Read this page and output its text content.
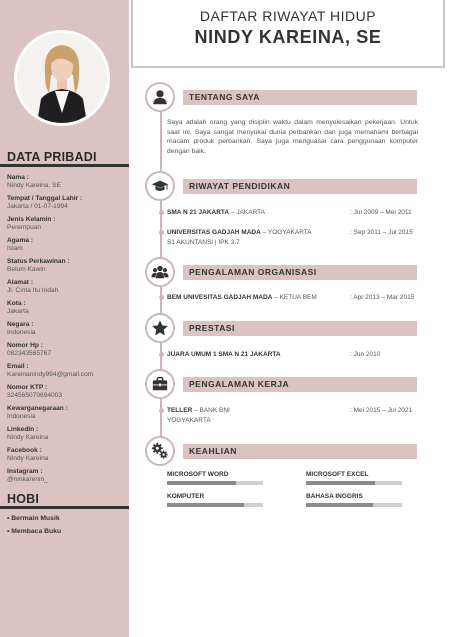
DATA PRIBADI
Nama :
Nindy Kareina, SE
Tempat / Tanggal Lahir :
Jakarta / 01-07-1994
Jenis Kelamin :
Perempuan
Agama :
Islam
Status Perkawinan :
Belum Kawin
Alamat :
Jl. Cinta Itu Indah
Kota :
Jakarta
Negara :
Indonesia
Nomor Hp :
082343565767
Email :
Kareinanindy994@gmail.com
Nomor KTP :
324565070694003
Kewarganegaraan :
Indonesia
LinkedIn :
Nindy Kareina
Facebook :
Nindy Kareina
Instagram :
@ninkarenin_
HOBI
• Bermain Musik
• Membaca Buku
DAFTAR RIWAYAT HIDUP
NINDY KAREINA, SE
TENTANG SAYA
Saya adalah orang yang disiplin waktu dalam menyelesaikan pekerjaan. Untuk saat ini, Saya sangat menyukai dunia perbankan dan juga memahami berbagai macam produk perbankan. Saya juga menguasai cara penggunaan komputer dengan baik.
RIWAYAT PENDIDIKAN
SMA N 21 JAKARTA – JAKARTA	: Jul 2009 – Mei 2011
UNIVERSITAS GADJAH MADA – YOGYAKARTA	: Sep 2011 – Jul 2015
S1 AKUNTANSI | IPK 3.7
PENGALAMAN ORGANISASI
BEM UNIVESITAS GADJAH MADA – KETUA BEM	: Apr 2013 – Mar 2015
PRESTASI
JUARA UMUM 1 SMA N 21 JAKARTA	: Jun 2010
PENGALAMAN KERJA
TELLER – BANK BNI	: Mei 2015 – Jul 2021
YOGYAKARTA
KEAHLIAN
MICROSOFT WORD	MICROSOFT EXCEL
KOMPUTER	BAHASA INGGRIS
